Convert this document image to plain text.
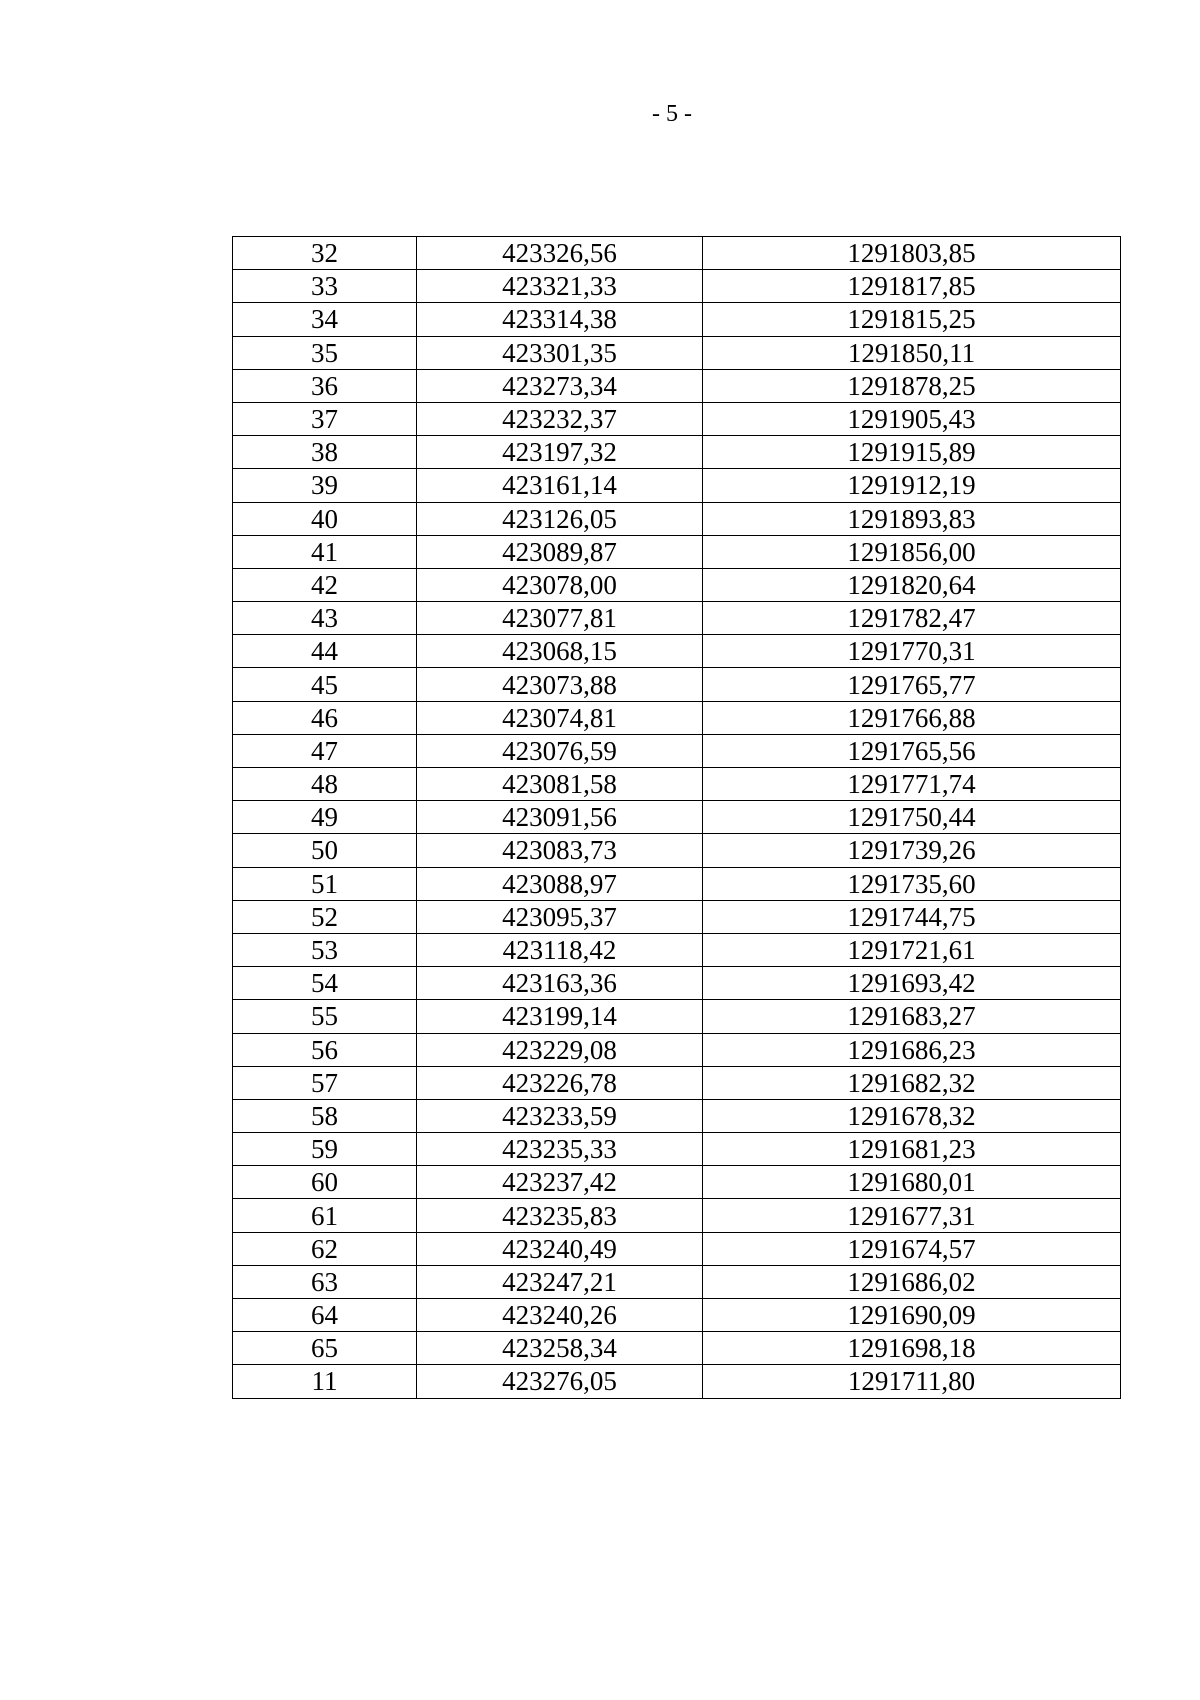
- 5 -
32	423326,56	1291803,85
33	423321,33	1291817,85
34	423314,38	1291815,25
35	423301,35	1291850,11
36	423273,34	1291878,25
37	423232,37	1291905,43
38	423197,32	1291915,89
39	423161,14	1291912,19
40	423126,05	1291893,83
41	423089,87	1291856,00
42	423078,00	1291820,64
43	423077,81	1291782,47
44	423068,15	1291770,31
45	423073,88	1291765,77
46	423074,81	1291766,88
47	423076,59	1291765,56
48	423081,58	1291771,74
49	423091,56	1291750,44
50	423083,73	1291739,26
51	423088,97	1291735,60
52	423095,37	1291744,75
53	423118,42	1291721,61
54	423163,36	1291693,42
55	423199,14	1291683,27
56	423229,08	1291686,23
57	423226,78	1291682,32
58	423233,59	1291678,32
59	423235,33	1291681,23
60	423237,42	1291680,01
61	423235,83	1291677,31
62	423240,49	1291674,57
63	423247,21	1291686,02
64	423240,26	1291690,09
65	423258,34	1291698,18
11	423276,05	1291711,80
